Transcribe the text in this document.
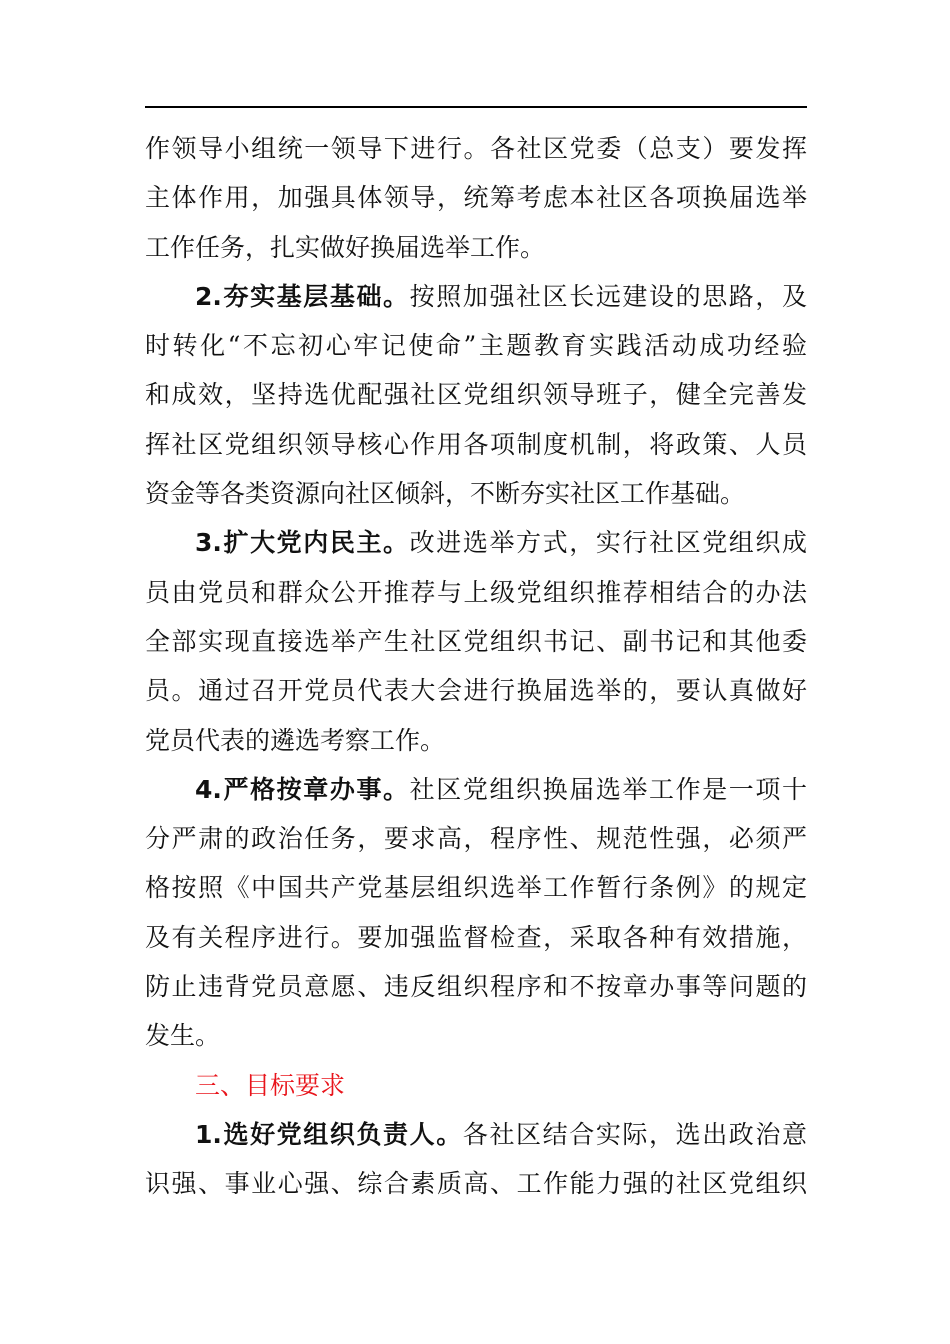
作领导小组统一领导下进行。各社区党委（总支）要发挥
主体作用，加强具体领导，统筹考虑本社区各项换届选举
工作任务，扎实做好换届选举工作。
2.夯实基层基础。按照加强社区长远建设的思路，及
时转化“不忘初心牢记使命”主题教育实践活动成功经验
和成效，坚持选优配强社区党组织领导班子，健全完善发
挥社区党组织领导核心作用各项制度机制，将政策、人员
资金等各类资源向社区倾斜，不断夯实社区工作基础。
3.扩大党内民主。改进选举方式，实行社区党组织成
员由党员和群众公开推荐与上级党组织推荐相结合的办法
全部实现直接选举产生社区党组织书记、副书记和其他委
员。通过召开党员代表大会进行换届选举的，要认真做好
党员代表的遴选考察工作。
4.严格按章办事。社区党组织换届选举工作是一项十
分严肃的政治任务，要求高，程序性、规范性强，必须严
格按照《中国共产党基层组织选举工作暂行条例》的规定
及有关程序进行。要加强监督检查，采取各种有效措施，
防止违背党员意愿、违反组织程序和不按章办事等问题的
发生。
三、目标要求
1.选好党组织负责人。各社区结合实际，选出政治意
识强、事业心强、综合素质高、工作能力强的社区党组织
